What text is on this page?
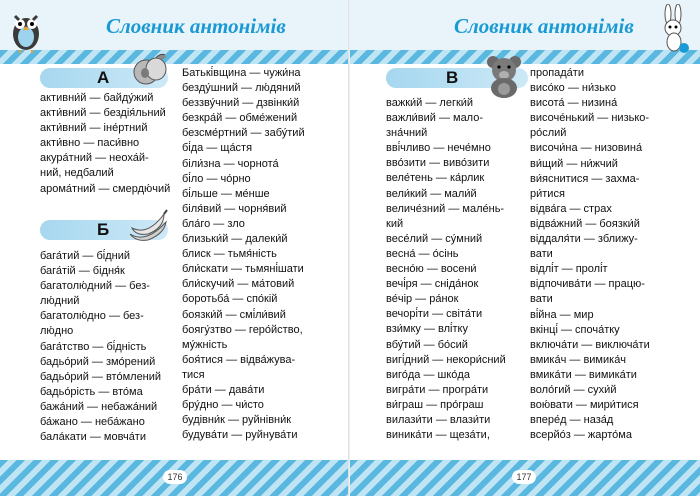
Словник антонімів
А
активни́й — байду́жий
акти́вний — бездія́льний
акти́вний — іне́ртний
акти́вно — паси́вно
акура́тний — неоха́й-
ний, недбалий
арома́тний — смердю́чий
Б
бага́тий — бі́дний
бага́тій — бідня́к
багатолю́дний — без-
лю́дний
багатолю́дно — без-
лю́дно
бага́тство — бі́дність
бадьо́рий — змо́рений
бадьо́рий — вто́млений
бадьо́рість — вто́ма
бажа́ний — небажа́ний
ба́жано — неба́жано
бала́кати — мовча́ти
Батькі́вщина — чужи́на
безду́шний — лю́дяний
беззву́чний — дзвінки́й
безкра́й — обме́жений
безсме́ртний — забу́тий
бі́да — ща́стя
біли́зна — чорнота́
бі́ло — чо́рно
бі́льше — ме́нше
біля́вий — чорня́вий
бла́го — зло
близьки́й — далеки́й
блиск — тьмя́ність
бли́скати — тьмяні́шати
бли́скучий — ма́товий
боротьба́ — спо́кій
боязки́й — смі́ли́вий
боягу́зтво — геро́йство,
му́жність
боя́тися — відва́жува-
тися
бра́ти — дава́ти
бру́дно — чи́сто
будівни́к — руйнівни́к
будува́ти — руйнува́ти
176
Словник антонімів
В
важки́й — легки́й
важли́вий — мало-
зна́чний
вві́чливо — нече́мно
вво́зити — виво́зити
веле́тень — ка́рлик
вели́кий — мали́й
величе́зний — мале́нь-
кий
весе́лий — су́мний
весна́ — о́сінь
весно́ю — восени́
вечі́ря — сніда́нок
ве́чір — ра́нок
вечорі́ти — світа́ти
взи́мку — влі́тку
вбу́тий — бо́сий
вигі́дний — некори́сний
виго́да — шко́да
вигра́ти — програ́ти
ви́граш — про́граш
вилази́ти — влази́ти
виника́ти — щеза́ти,
пропада́ти
висо́ко — ни́зько
висота́ — низина́
височе́нький — низько-
ро́слий
височи́на — низовина́
ви́щий — ни́жчий
ви́яснитися — захма-
ри́тися
відва́га — страх
відва́жний — боязки́й
віддаля́ти — зближу-
вати
відлі́т — пролі́т
відпочива́ти — працю-
вати
ві́йна — мир
вкінці́ — споча́тку
включа́ти — виключа́ти
вмика́ч — вимика́ч
вмика́ти — вимика́ти
воло́гий — сухи́й
вою́вати — мири́тися
впере́д — наза́д
всерйо́з — жарто́ма
177
